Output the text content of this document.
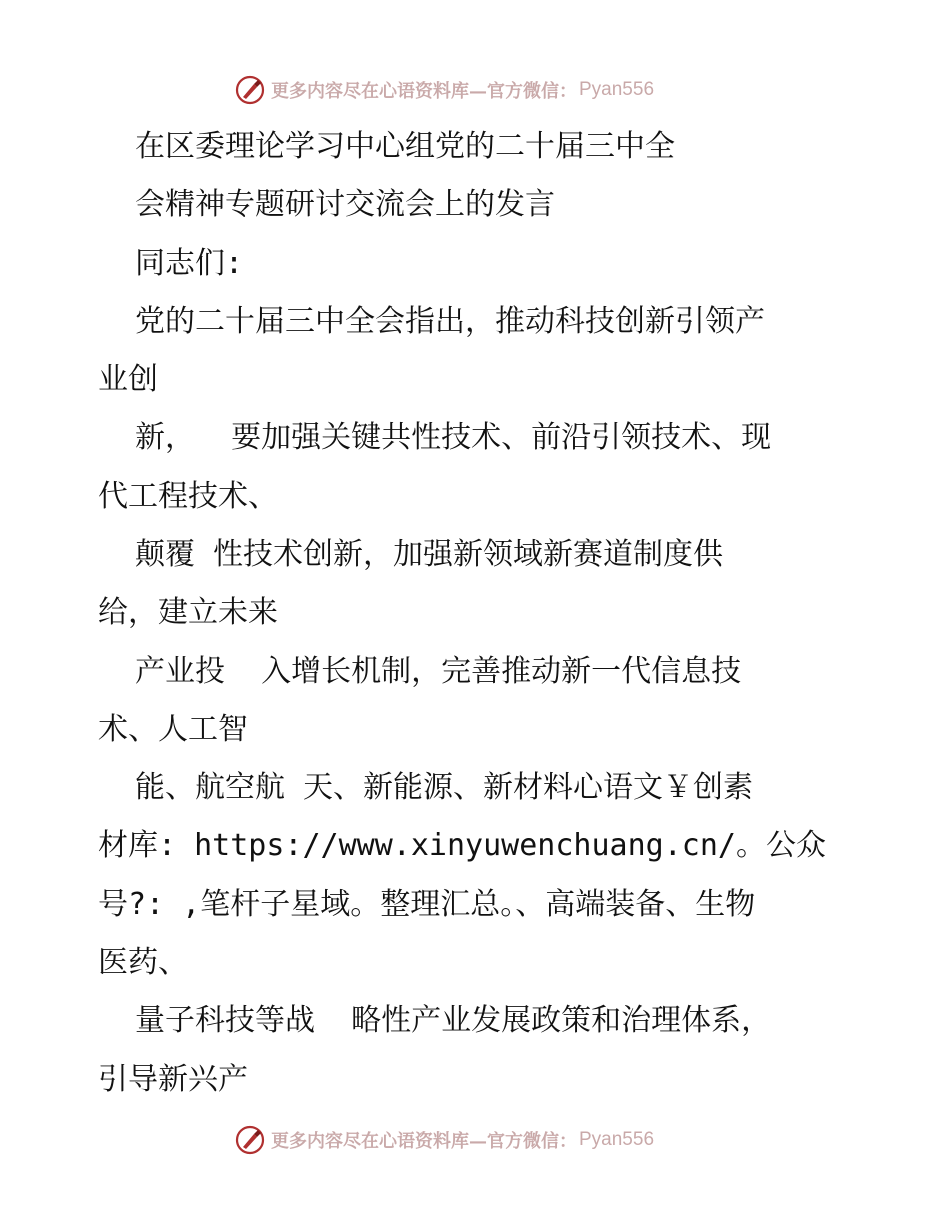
更多内容尽在心语资料库—官方微信： Pyan556
在区委理论学习中心组党的二十届三中全
会精神专题研讨交流会上的发言
同志们:
党的二十届三中全会指出，推动科技创新引领产
业创
新，  要加强关键共性技术、前沿引领技术、现
代工程技术、
颠覆 性技术创新，加强新领域新赛道制度供
给，建立未来
产业投  入增长机制，完善推动新一代信息技
术、人工智
能、航空航 天、新能源、新材料心语文￥创素
材库: https://www.xinyuwenchuang.cn/。公众
号?: ,笔杆子星域。整理汇总。、高端装备、生物
医药、
量子科技等战  略性产业发展政策和治理体系，
引导新兴产
更多内容尽在心语资料库—官方微信： Pyan556
